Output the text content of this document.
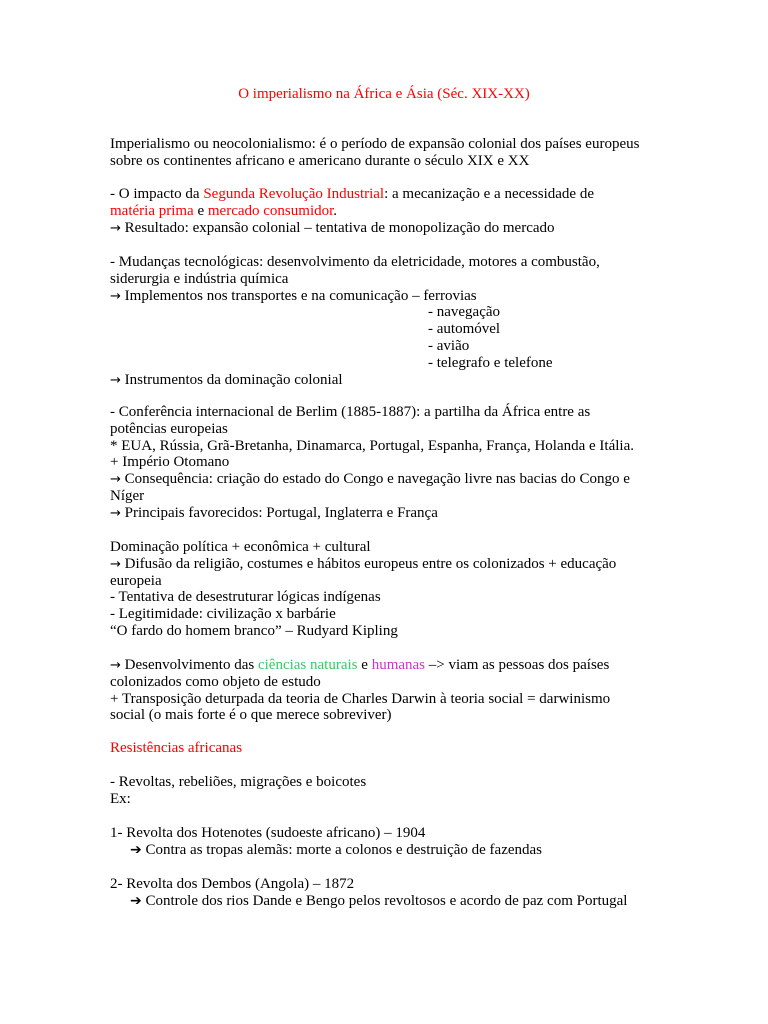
O imperialismo na África e Ásia (Séc. XIX-XX)
Imperialismo ou neocolonialismo: é o período de expansão colonial dos países europeus sobre os continentes africano e americano durante o século XIX e XX
- O impacto da Segunda Revolução Industrial: a mecanização e a necessidade de
matéria prima e mercado consumidor.
→ Resultado: expansão colonial – tentativa de monopolização do mercado
- Mudanças tecnológicas: desenvolvimento da eletricidade, motores a combustão,
siderurgia e indústria química
→ Implementos nos transportes e na comunicação – ferrovias
- navegação
- automóvel
- avião
- telegrafo e telefone
→ Instrumentos da dominação colonial
- Conferência internacional de Berlim (1885-1887): a partilha da África entre as
potências europeias
* EUA, Rússia, Grã-Bretanha, Dinamarca, Portugal, Espanha, França, Holanda e Itália.
+ Império Otomano
→ Consequência: criação do estado do Congo e navegação livre nas bacias do Congo e
Níger
→ Principais favorecidos: Portugal, Inglaterra e França
Dominação política + econômica + cultural
→ Difusão da religião, costumes e hábitos europeus entre os colonizados + educação
europeia
- Tentativa de desestruturar lógicas indígenas
- Legitimidade: civilização x barbárie
“O fardo do homem branco” – Rudyard Kipling
→ Desenvolvimento das ciências naturais e humanas –> viam as pessoas dos países
colonizados como objeto de estudo
+ Transposição deturpada da teoria de Charles Darwin à teoria social = darwinismo
social (o mais forte é o que merece sobreviver)
Resistências africanas
- Revoltas, rebeliões, migrações e boicotes
Ex:
1- Revolta dos Hotenotes (sudoeste africano) – 1904
➔ Contra as tropas alemãs: morte a colonos e destruição de fazendas
2- Revolta dos Dembos (Angola) – 1872
➔ Controle dos rios Dande e Bengo pelos revoltosos e acordo de paz com Portugal
